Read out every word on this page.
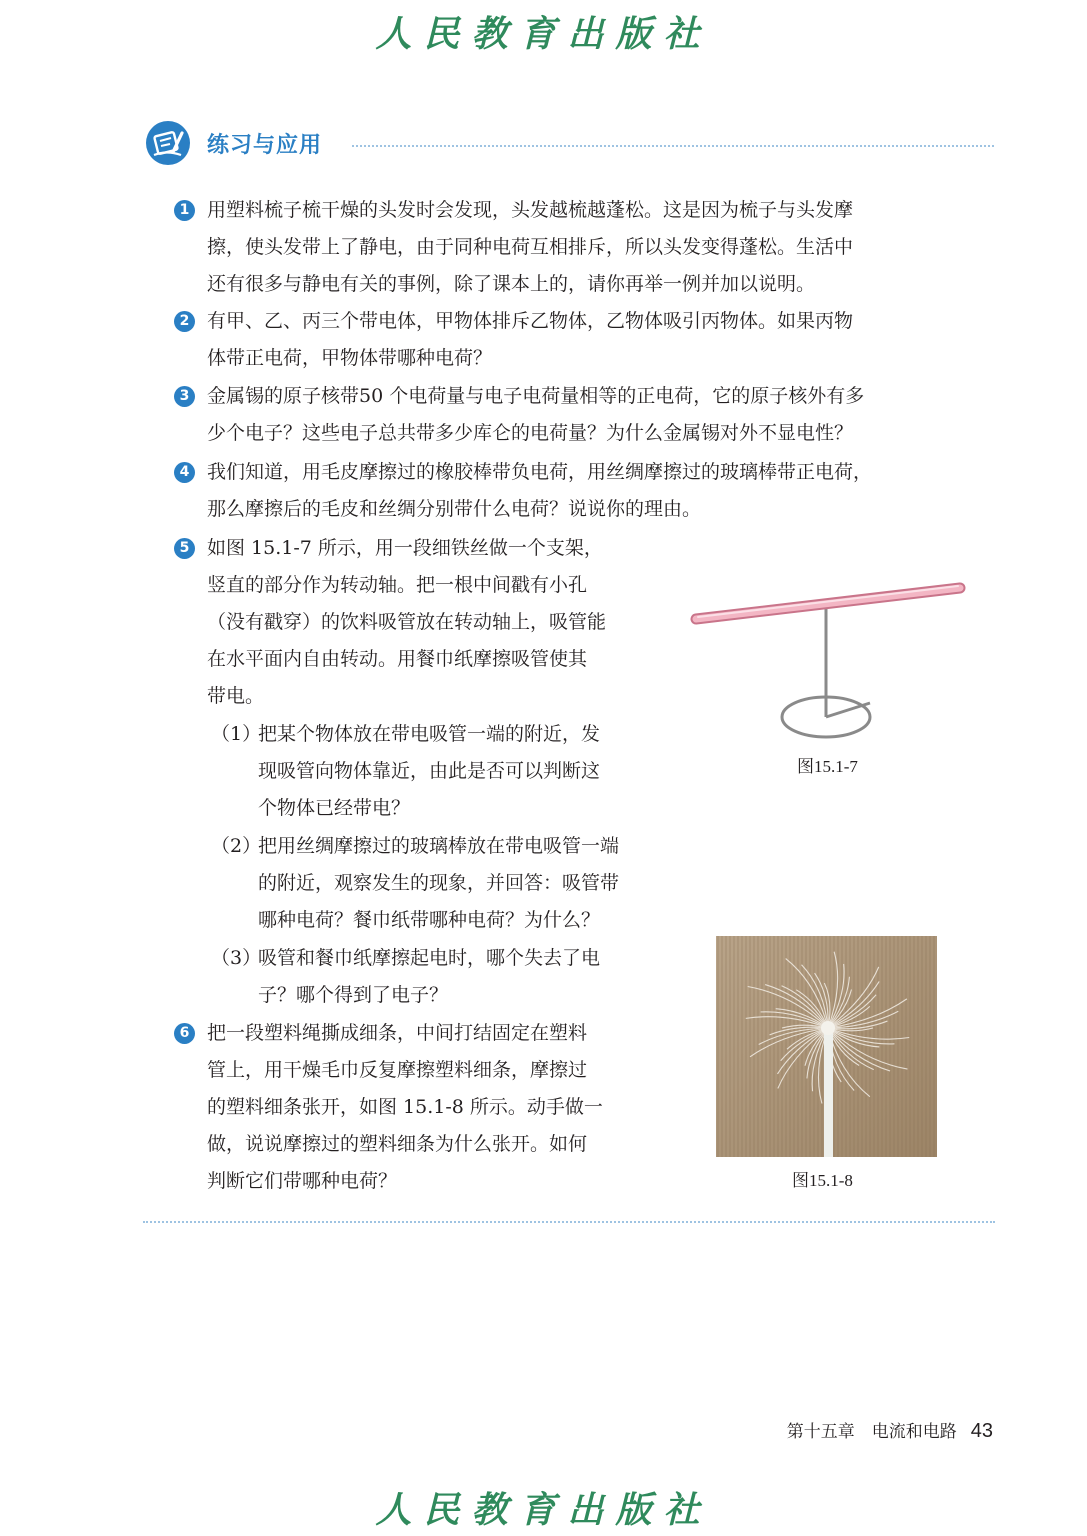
人民教育出版社
练习与应用
1 用塑料梳子梳干燥的头发时会发现，头发越梳越蓬松。这是因为梳子与头发摩
擦，使头发带上了静电，由于同种电荷互相排斥，所以头发变得蓬松。生活中
还有很多与静电有关的事例，除了课本上的，请你再举一例并加以说明。
2 有甲、乙、丙三个带电体，甲物体排斥乙物体，乙物体吸引丙物体。如果丙物
体带正电荷，甲物体带哪种电荷？
3 金属锡的原子核带50 个电荷量与电子电荷量相等的正电荷，它的原子核外有多
少个电子？这些电子总共带多少库仑的电荷量？为什么金属锡对外不显电性？
4 我们知道，用毛皮摩擦过的橡胶棒带负电荷，用丝绸摩擦过的玻璃棒带正电荷，
那么摩擦后的毛皮和丝绸分别带什么电荷？说说你的理由。
5 如图 15.1-7 所示，用一段细铁丝做一个支架，
竖直的部分作为转动轴。把一根中间戳有小孔
（没有戳穿）的饮料吸管放在转动轴上，吸管能
在水平面内自由转动。用餐巾纸摩擦吸管使其
带电。
（1）
把某个物体放在带电吸管一端的附近，发
现吸管向物体靠近，由此是否可以判断这
个物体已经带电？
（2）
把用丝绸摩擦过的玻璃棒放在带电吸管一端
的附近，观察发生的现象，并回答：吸管带
哪种电荷？餐巾纸带哪种电荷？为什么？
（3）
吸管和餐巾纸摩擦起电时，哪个失去了电
子？哪个得到了电子？
6 把一段塑料绳撕成细条，中间打结固定在塑料
管上，用干燥毛巾反复摩擦塑料细条，摩擦过
的塑料细条张开，如图 15.1-8 所示。动手做一
做，说说摩擦过的塑料细条为什么张开。如何
判断它们带哪种电荷？
图15.1-7
图15.1-8
第十五章　电流和电路 43
人民教育出版社
